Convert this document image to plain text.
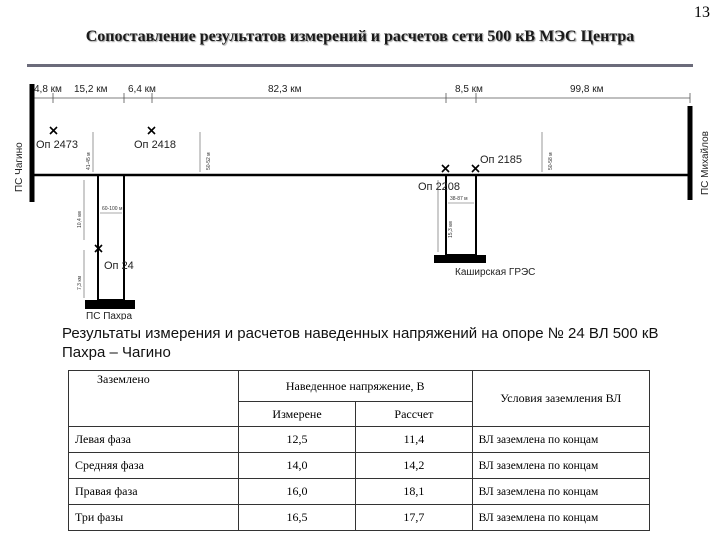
13
Сопоставление результатов измерений и расчетов сети 500 кВ МЭС Центра
4,8 км 15,2 км 6,4 км	82,3 км	8,5 км	99,8 км
ПС Чагино	ПС Михайлов
ПС Пахра
Каширская ГРЭС
Оп 2473	Оп 2418
Оп 2208
Оп 2185
Оп 24
41-45 м	50-52 м	50-58 м
10,4 км
7,3 км
15,3 км
60-100 м
38-87 м
Результаты измерения и расчетов наведенных напряжений на опоре № 24 ВЛ 500 кВ Пахра – Чагино
Заземлено	Наведенное напряжение, В		Условия заземления ВЛ
	Измерене	Рассчет	
Левая фаза	12,5	11,4	ВЛ заземлена по концам
Средняя фаза	14,0	14,2	ВЛ заземлена по концам
Правая фаза	16,0	18,1	ВЛ заземлена по концам
Три фазы	16,5	17,7	ВЛ заземлена по концам
